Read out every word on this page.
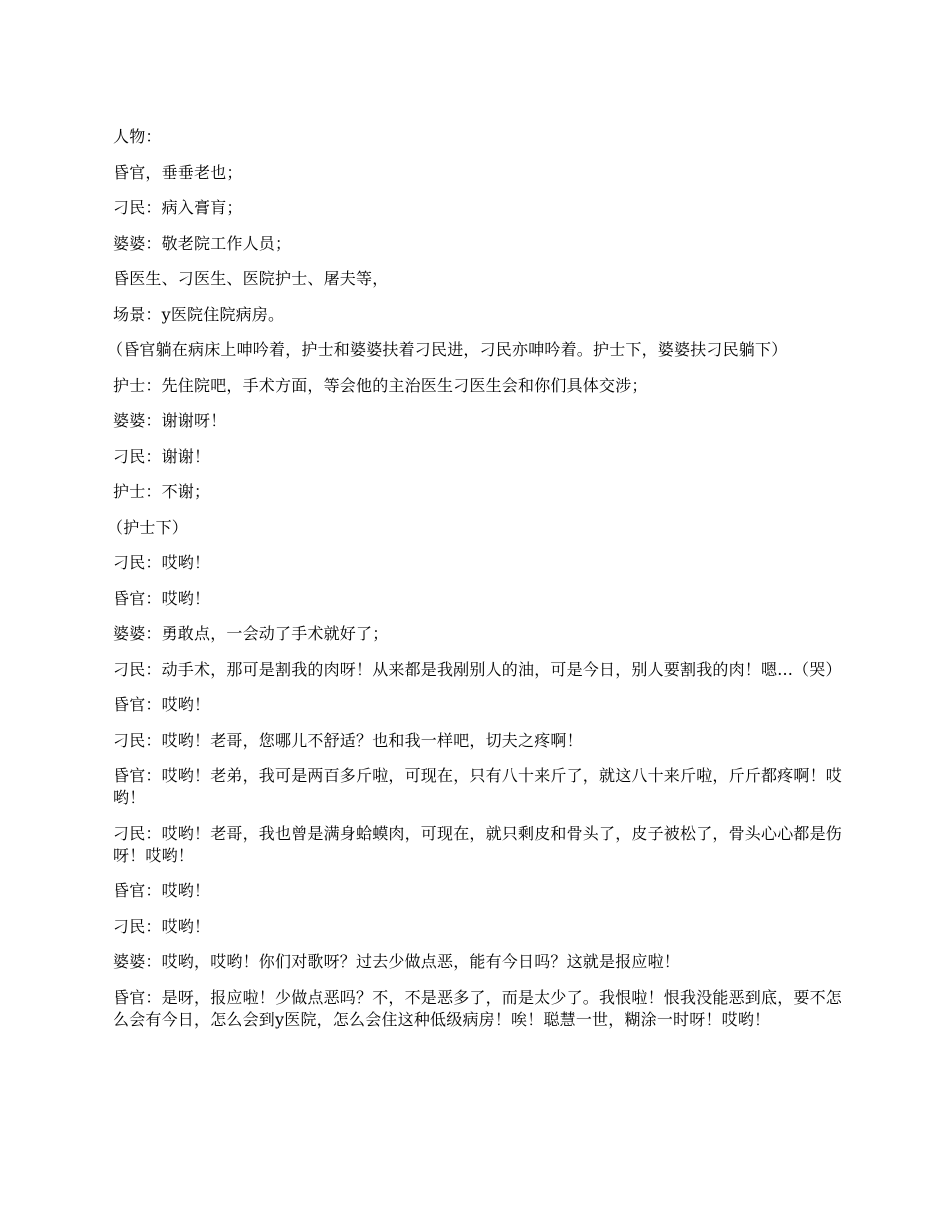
人物：

昏官，垂垂老也；

刁民：病入膏肓；

婆婆：敬老院工作人员；

昏医生、刁医生、医院护士、屠夫等，

场景：y医院住院病房。

（昏官躺在病床上呻吟着，护士和婆婆扶着刁民进，刁民亦呻吟着。护士下，婆婆扶刁民躺下）

护士：先住院吧，手术方面，等会他的主治医生刁医生会和你们具体交涉；

婆婆：谢谢呀！

刁民：谢谢！

护士：不谢；

（护士下）

刁民：哎哟！

昏官：哎哟！

婆婆：勇敢点，一会动了手术就好了；

刁民：动手术，那可是割我的肉呀！从来都是我剐别人的油，可是今日，别人要割我的肉！嗯...（哭）

昏官：哎哟！

刁民：哎哟！老哥，您哪儿不舒适？也和我一样吧，切夫之疼啊！

昏官：哎哟！老弟，我可是两百多斤啦，可现在，只有八十来斤了，就这八十来斤啦，斤斤都疼啊！哎哟！

刁民：哎哟！老哥，我也曾是满身蛤蟆肉，可现在，就只剩皮和骨头了，皮子被松了，骨头心心都是伤呀！哎哟！

昏官：哎哟！

刁民：哎哟！

婆婆：哎哟，哎哟！你们对歌呀？过去少做点恶，能有今日吗？这就是报应啦！

昏官：是呀，报应啦！少做点恶吗？不，不是恶多了，而是太少了。我恨啦！恨我没能恶到底，要不怎么会有今日，怎么会到y医院，怎么会住这种低级病房！唉！聪慧一世，糊涂一时呀！哎哟！
